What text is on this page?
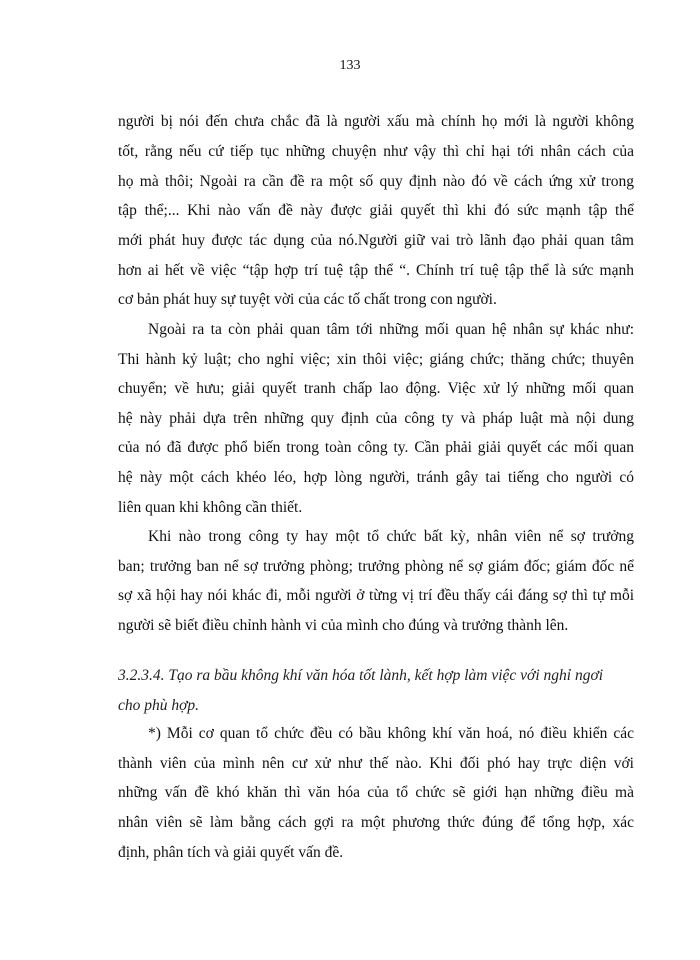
133
người bị nói đến chưa chắc đã là người xấu mà chính họ mới là người không
tốt, rằng nếu cứ tiếp tục những chuyện như vậy thì chỉ hại tới nhân cách của
họ mà thôi; Ngoài ra cần đề ra một số quy định nào đó về cách ứng xử trong
tập thể;... Khi nào vấn đề này được giải quyết thì khi đó sức mạnh tập thể
mới phát huy được tác dụng của nó.Người giữ vai trò lãnh đạo phải quan tâm
hơn ai hết về việc “tập hợp trí tuệ tập thể “. Chính trí tuệ tập thể là sức mạnh
cơ bản phát huy sự tuyệt vời của các tố chất trong con người.
Ngoài ra ta còn phải quan tâm tới những mối quan hệ nhân sự khác như:
Thi hành kỷ luật; cho nghỉ việc; xin thôi việc; giáng chức; thăng chức; thuyên
chuyển; về hưu; giải quyết tranh chấp lao động. Việc xử lý những mối quan
hệ này phải dựa trên những quy định của công ty và pháp luật mà nội dung
của nó đã được phổ biến trong toàn công ty. Cần phải giải quyết các mối quan
hệ này một cách khéo léo, hợp lòng người, tránh gây tai tiếng cho người có
liên quan khi không cần thiết.
Khi nào trong công ty hay một tổ chức bất kỳ, nhân viên nể sợ trưởng
ban; trưởng ban nể sợ trưởng phòng; trưởng phòng nể sợ giám đốc; giám đốc nể
sợ xã hội hay nói khác đi, mỗi người ở từng vị trí đều thấy cái đáng sợ thì tự mỗi
người sẽ biết điều chỉnh hành vi của mình cho đúng và trưởng thành lên.
3.2.3.4. Tạo ra bầu không khí văn hóa tốt lành, kết hợp làm việc với nghỉ ngơi
cho phù hợp.
*) Mỗi cơ quan tổ chức đều có bầu không khí văn hoá, nó điều khiển các
thành viên của mình nên cư xử như thế nào. Khi đối phó hay trực diện với
những vấn đề khó khăn thì văn hóa của tổ chức sẽ giới hạn những điều mà
nhân viên sẽ làm bằng cách gợi ra một phương thức đúng để tổng hợp, xác
định, phân tích và giải quyết vấn đề.
